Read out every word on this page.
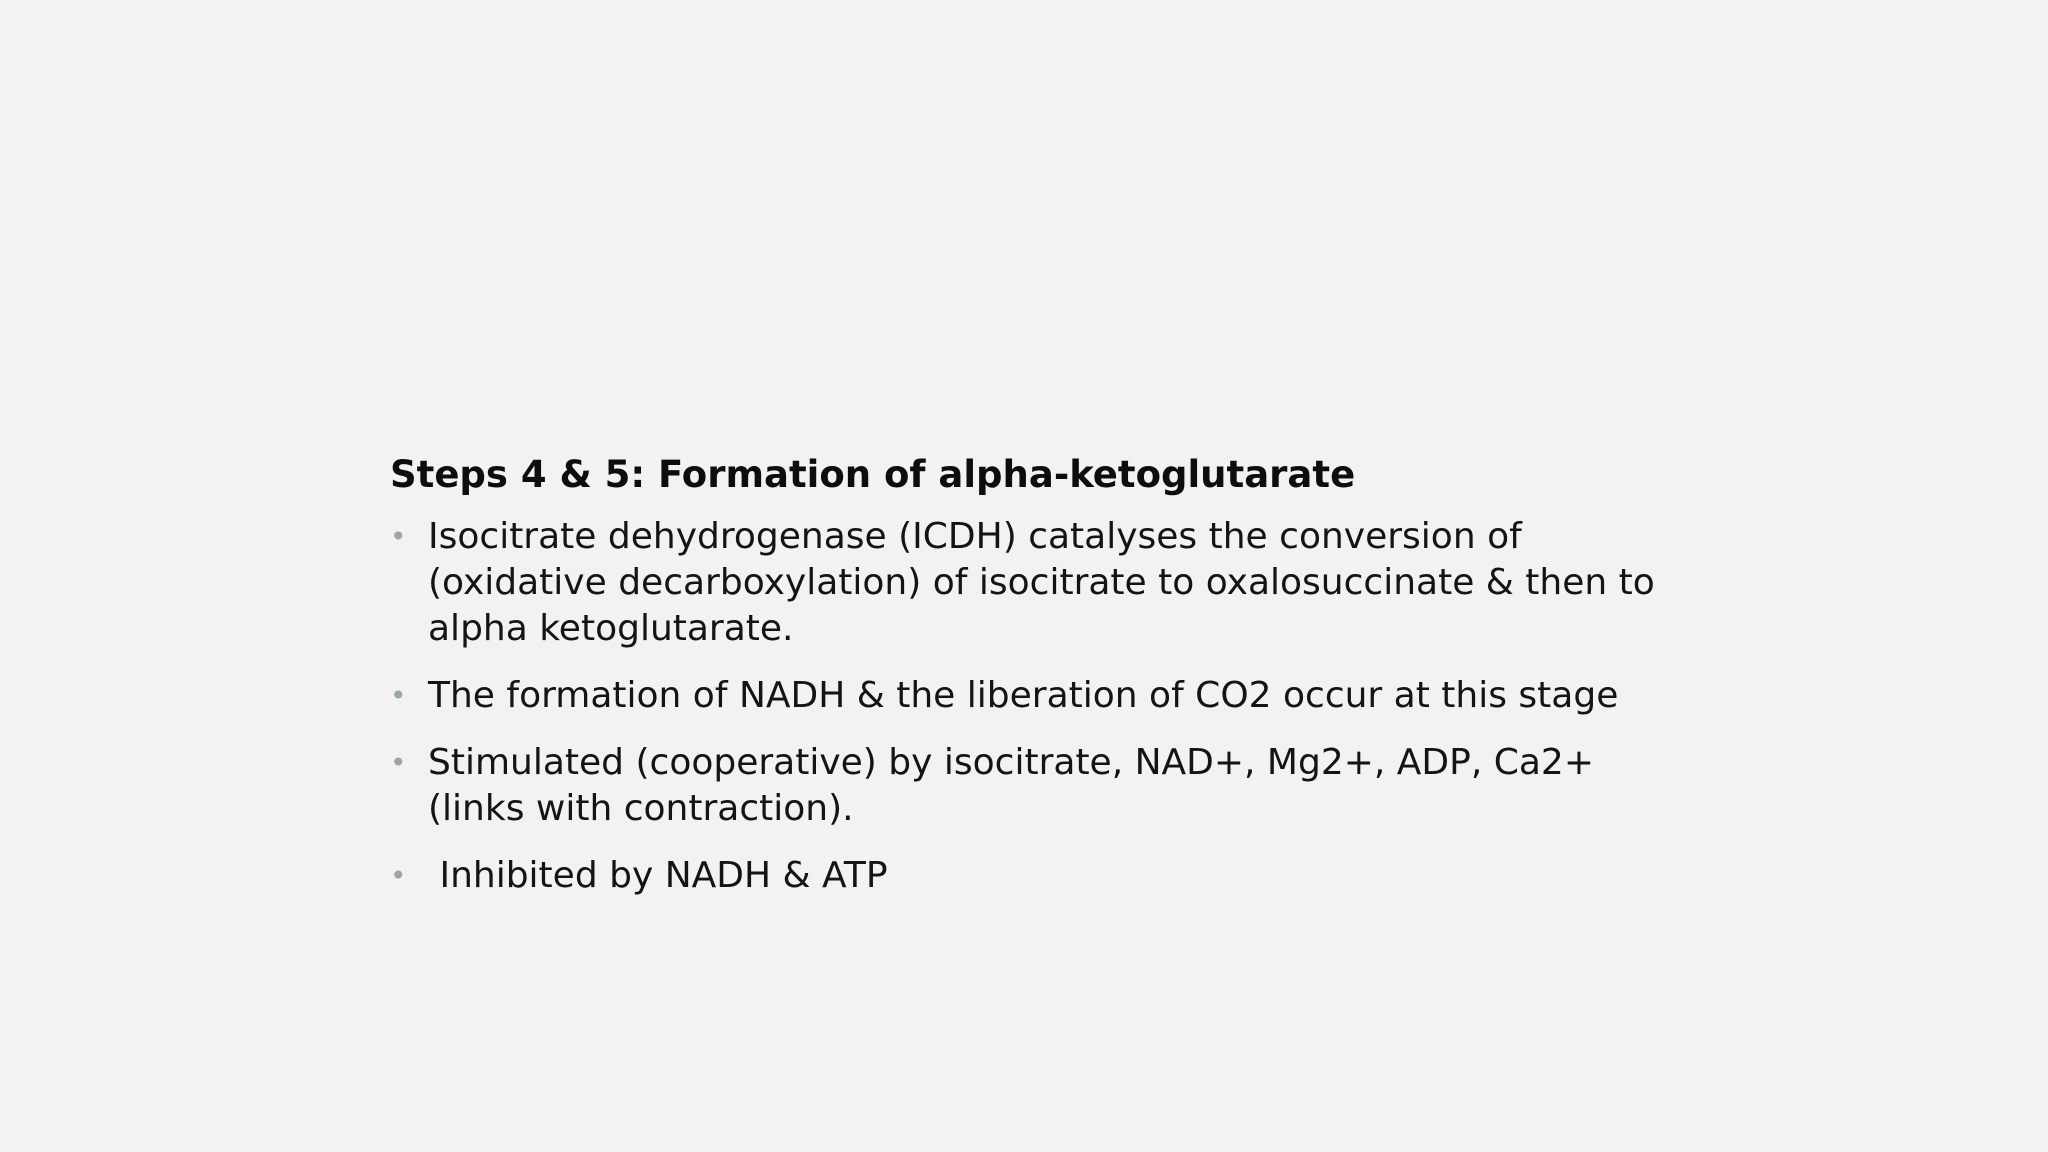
Steps 4 & 5: Formation of alpha-ketoglutarate
• Isocitrate dehydrogenase (ICDH) catalyses the conversion of (oxidative decarboxylation) of isocitrate to oxalosuccinate & then to alpha ketoglutarate.
• The formation of NADH & the liberation of CO2 occur at this stage
• Stimulated (cooperative) by isocitrate, NAD+, Mg2+, ADP, Ca2+ (links with contraction).
• Inhibited by NADH & ATP
